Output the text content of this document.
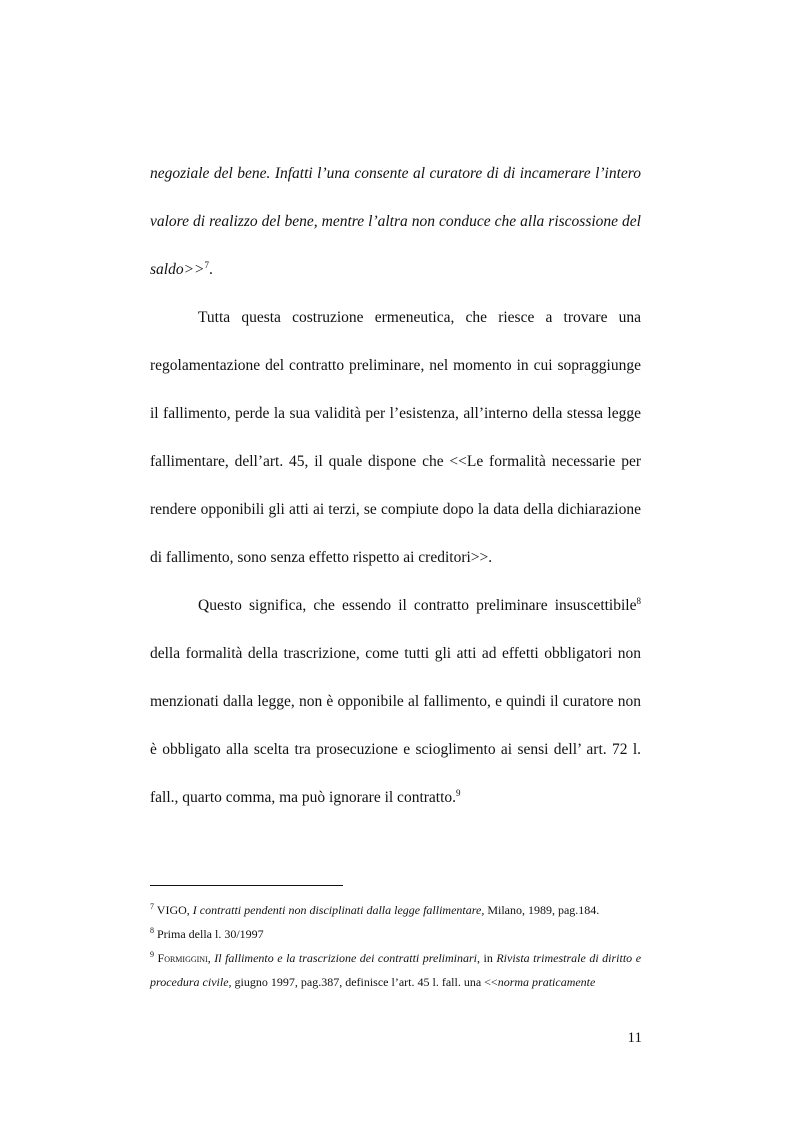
negoziale del bene. Infatti l’una consente al curatore di di incamerare l’intero valore di realizzo del bene, mentre l’altra non conduce che alla riscossione del saldo>>$^7$.

Tutta questa costruzione ermeneutica, che riesce a trovare una regolamentazione del contratto preliminare, nel momento in cui sopraggiunge il fallimento, perde la sua validità per l’esistenza, all’interno della stessa legge fallimentare, dell’art. 45, il quale dispone che <<Le formalità necessarie per rendere opponibili gli atti ai terzi, se compiute dopo la data della dichiarazione di fallimento, sono senza effetto rispetto ai creditori>>.

Questo significa, che essendo il contratto preliminare insuscettibile$^8$ della formalità della trascrizione, come tutti gli atti ad effetti obbligatori non menzionati dalla legge, non è opponibile al fallimento, e quindi il curatore non è obbligato alla scelta tra prosecuzione e scioglimento ai sensi dell’ art. 72 l. fall., quarto comma, ma può ignorare il contratto.$^9$

$^7$ VIGO, I contratti pendenti non disciplinati dalla legge fallimentare, Milano, 1989, pag.184.

$^8$ Prima della l. 30/1997

$^9$ Formiggini, Il fallimento e la trascrizione dei contratti preliminari, in Rivista trimestrale di diritto e procedura civile, giugno 1997, pag.387, definisce l’art. 45 l. fall. una <<norma praticamente

11
